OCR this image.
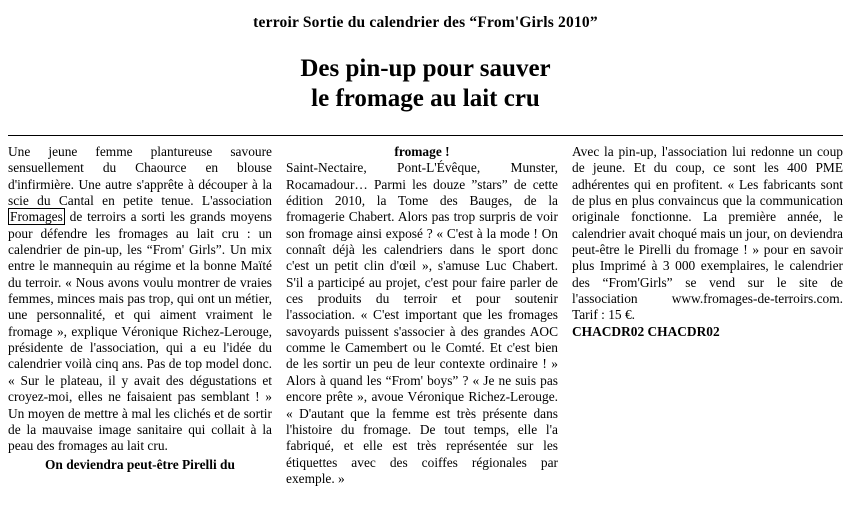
terroir Sortie du calendrier des “From'Girls 2010”
Des pin-up pour sauver
le fromage au lait cru

Une jeune femme plantureuse savoure sensuellement du Chaource en blouse d'infirmière. Une autre s'apprête à découper à la scie du Cantal en petite tenue. L'association Fromages de terroirs a sorti les grands moyens pour défendre les fromages au lait cru : un calendrier de pin-up, les “From' Girls”. Un mix entre le mannequin au régime et la bonne Maïté du terroir. « Nous avons voulu montrer de vraies femmes, minces mais pas trop, qui ont un métier, une personnalité, et qui aiment vraiment le fromage », explique Véronique Richez-Lerouge, présidente de l'association, qui a eu l'idée du calendrier voilà cinq ans. Pas de top model donc. « Sur le plateau, il y avait des dégustations et croyez-moi, elles ne faisaient pas semblant ! » Un moyen de mettre à mal les clichés et de sortir de la mauvaise image sanitaire qui collait à la peau des fromages au lait cru.

On deviendra peut-être Pirelli du

fromage !

Saint-Nectaire, Pont-L'Évêque, Munster, Rocamadour… Parmi les douze ”stars” de cette édition 2010, la Tome des Bauges, de la fromagerie Chabert. Alors pas trop surpris de voir son fromage ainsi exposé ? « C'est à la mode ! On connaît déjà les calendriers dans le sport donc c'est un petit clin d'œil », s'amuse Luc Chabert. S'il a participé au projet, c'est pour faire parler de ces produits du terroir et pour soutenir l'association. « C'est important que les fromages savoyards puissent s'associer à des grandes AOC comme le Camembert ou le Comté. Et c'est bien de les sortir un peu de leur contexte ordinaire ! » Alors à quand les “From' boys” ? « Je ne suis pas encore prête », avoue Véronique Richez-Lerouge. « D'autant que la femme est très présente dans l'histoire du fromage. De tout temps, elle l'a fabriqué, et elle est très représentée sur les étiquettes avec des coiffes régionales par exemple. »

Avec la pin-up, l'association lui redonne un coup de jeune. Et du coup, ce sont les 400 PME adhérentes qui en profitent. « Les fabricants sont de plus en plus convaincus que la communication originale fonctionne. La première année, le calendrier avait choqué mais un jour, on deviendra peut-être le Pirelli du fromage ! » pour en savoir plus Imprimé à 3 000 exemplaires, le calendrier des “From'Girls” se vend sur le site de l'association www.fromages-de-terroirs.com. Tarif : 15 €.

CHACDR02 CHACDR02
